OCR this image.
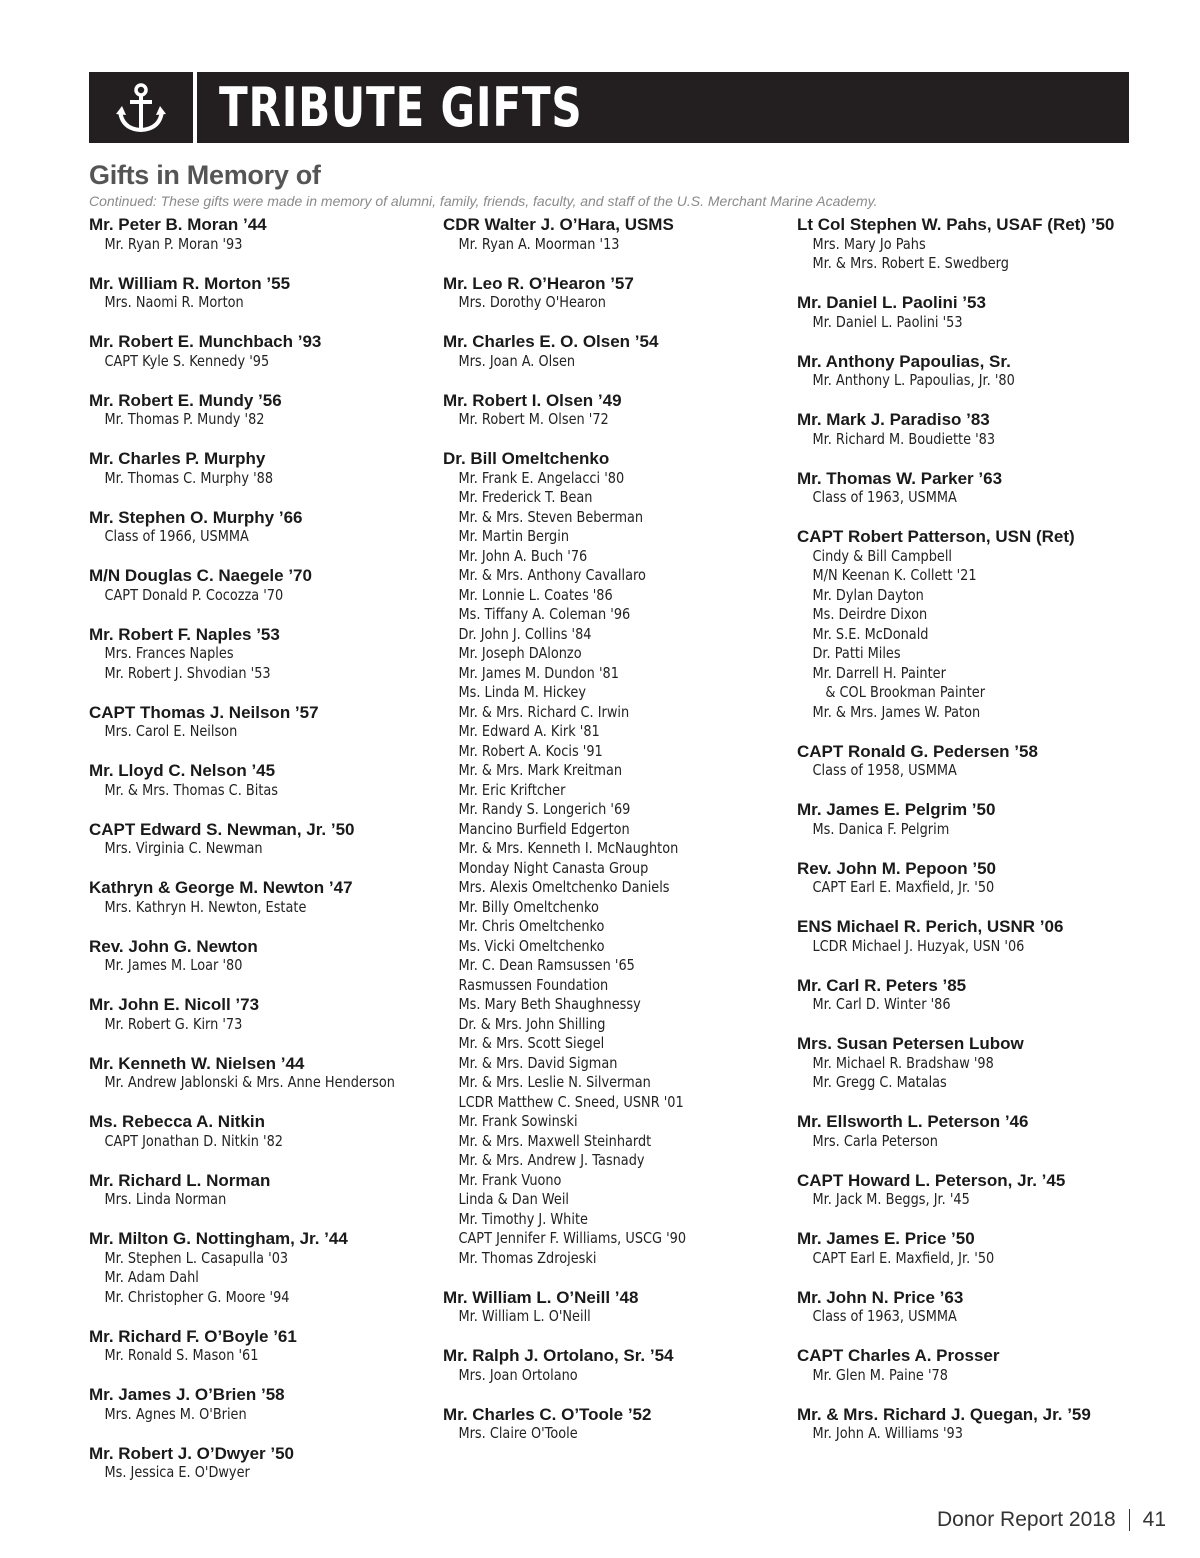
TRIBUTE GIFTS
Gifts in Memory of

Continued: These gifts were made in memory of alumni, family, friends, faculty, and staff of the U.S. Merchant Marine Academy.

Mr. Peter B. Moran ’44
Mr. Ryan P. Moran '93
Mr. William R. Morton ’55
Mrs. Naomi R. Morton
Mr. Robert E. Munchbach ’93
CAPT Kyle S. Kennedy '95
Mr. Robert E. Mundy ’56
Mr. Thomas P. Mundy '82
Mr. Charles P. Murphy
Mr. Thomas C. Murphy '88
Mr. Stephen O. Murphy ’66
Class of 1966, USMMA
M/N Douglas C. Naegele ’70
CAPT Donald P. Cocozza '70
Mr. Robert F. Naples ’53
Mrs. Frances Naples
Mr. Robert J. Shvodian '53
CAPT Thomas J. Neilson ’57
Mrs. Carol E. Neilson
Mr. Lloyd C. Nelson ’45
Mr. & Mrs. Thomas C. Bitas
CAPT Edward S. Newman, Jr. ’50
Mrs. Virginia C. Newman
Kathryn & George M. Newton ’47
Mrs. Kathryn H. Newton, Estate
Rev. John G. Newton
Mr. James M. Loar '80
Mr. John E. Nicoll ’73
Mr. Robert G. Kirn '73
Mr. Kenneth W. Nielsen ’44
Mr. Andrew Jablonski & Mrs. Anne Henderson
Ms. Rebecca A. Nitkin
CAPT Jonathan D. Nitkin '82
Mr. Richard L. Norman
Mrs. Linda Norman
Mr. Milton G. Nottingham, Jr. ’44
Mr. Stephen L. Casapulla '03
Mr. Adam Dahl
Mr. Christopher G. Moore '94
Mr. Richard F. O’Boyle ’61
Mr. Ronald S. Mason '61
Mr. James J. O’Brien ’58
Mrs. Agnes M. O'Brien
Mr. Robert J. O’Dwyer ’50
Ms. Jessica E. O'Dwyer
CDR Walter J. O’Hara, USMS
Mr. Ryan A. Moorman '13
Mr. Leo R. O’Hearon ’57
Mrs. Dorothy O'Hearon
Mr. Charles E. O. Olsen ’54
Mrs. Joan A. Olsen
Mr. Robert I. Olsen ’49
Mr. Robert M. Olsen '72
Dr. Bill Omeltchenko
Mr. Frank E. Angelacci '80
Mr. Frederick T. Bean
Mr. & Mrs. Steven Beberman
Mr. Martin Bergin
Mr. John A. Buch '76
Mr. & Mrs. Anthony Cavallaro
Mr. Lonnie L. Coates '86
Ms. Tiffany A. Coleman '96
Dr. John J. Collins '84
Mr. Joseph DAlonzo
Mr. James M. Dundon '81
Ms. Linda M. Hickey
Mr. & Mrs. Richard C. Irwin
Mr. Edward A. Kirk '81
Mr. Robert A. Kocis '91
Mr. & Mrs. Mark Kreitman
Mr. Eric Kriftcher
Mr. Randy S. Longerich '69
Mancino Burfield Edgerton
Mr. & Mrs. Kenneth I. McNaughton
Monday Night Canasta Group
Mrs. Alexis Omeltchenko Daniels
Mr. Billy Omeltchenko
Mr. Chris Omeltchenko
Ms. Vicki Omeltchenko
Mr. C. Dean Ramsussen '65
Rasmussen Foundation
Ms. Mary Beth Shaughnessy
Dr. & Mrs. John Shilling
Mr. & Mrs. Scott Siegel
Mr. & Mrs. David Sigman
Mr. & Mrs. Leslie N. Silverman
LCDR Matthew C. Sneed, USNR '01
Mr. Frank Sowinski
Mr. & Mrs. Maxwell Steinhardt
Mr. & Mrs. Andrew J. Tasnady
Mr. Frank Vuono
Linda & Dan Weil
Mr. Timothy J. White
CAPT Jennifer F. Williams, USCG '90
Mr. Thomas Zdrojeski
Mr. William L. O’Neill ’48
Mr. William L. O'Neill
Mr. Ralph J. Ortolano, Sr. ’54
Mrs. Joan Ortolano
Mr. Charles C. O’Toole ’52
Mrs. Claire O'Toole
Lt Col Stephen W. Pahs, USAF (Ret) ’50
Mrs. Mary Jo Pahs
Mr. & Mrs. Robert E. Swedberg
Mr. Daniel L. Paolini ’53
Mr. Daniel L. Paolini '53
Mr. Anthony Papoulias, Sr.
Mr. Anthony L. Papoulias, Jr. '80
Mr. Mark J. Paradiso ’83
Mr. Richard M. Boudiette '83
Mr. Thomas W. Parker ’63
Class of 1963, USMMA
CAPT Robert Patterson, USN (Ret)
Cindy & Bill Campbell
M/N Keenan K. Collett '21
Mr. Dylan Dayton
Ms. Deirdre Dixon
Mr. S.E. McDonald
Dr. Patti Miles
Mr. Darrell H. Painter
& COL Brookman Painter
Mr. & Mrs. James W. Paton
CAPT Ronald G. Pedersen ’58
Class of 1958, USMMA
Mr. James E. Pelgrim ’50
Ms. Danica F. Pelgrim
Rev. John M. Pepoon ’50
CAPT Earl E. Maxfield, Jr. '50
ENS Michael R. Perich, USNR ’06
LCDR Michael J. Huzyak, USN '06
Mr. Carl R. Peters ’85
Mr. Carl D. Winter '86
Mrs. Susan Petersen Lubow
Mr. Michael R. Bradshaw '98
Mr. Gregg C. Matalas
Mr. Ellsworth L. Peterson ’46
Mrs. Carla Peterson
CAPT Howard L. Peterson, Jr. ’45
Mr. Jack M. Beggs, Jr. '45
Mr. James E. Price ’50
CAPT Earl E. Maxfield, Jr. '50
Mr. John N. Price ’63
Class of 1963, USMMA
CAPT Charles A. Prosser
Mr. Glen M. Paine '78
Mr. & Mrs. Richard J. Quegan, Jr. ’59
Mr. John A. Williams '93
Donor Report 2018 41
